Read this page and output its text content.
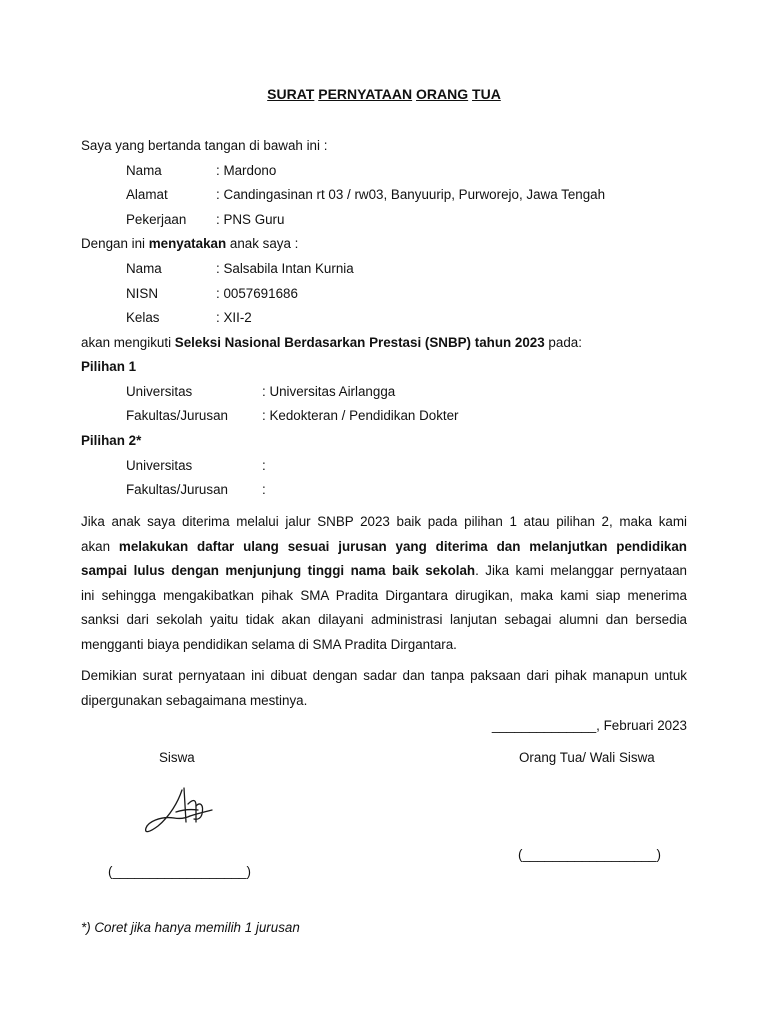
SURAT PERNYATAAN ORANG TUA
Saya yang bertanda tangan di bawah ini :
Nama	: Mardono
Alamat	: Candingasinan rt 03 / rw03, Banyuurip, Purworejo, Jawa Tengah
Pekerjaan : PNS Guru
Dengan ini menyatakan anak saya :
Nama	: Salsabila Intan Kurnia
NISN	: 0057691686
Kelas	: XII-2
akan mengikuti Seleksi Nasional Berdasarkan Prestasi (SNBP) tahun 2023 pada:
Pilihan 1
Universitas	: Universitas Airlangga
Fakultas/Jurusan	: Kedokteran / Pendidikan Dokter
Pilihan 2*
Universitas	:
Fakultas/Jurusan	:
Jika anak saya diterima melalui jalur SNBP 2023 baik pada pilihan 1 atau pilihan 2, maka kami
akan melakukan daftar ulang sesuai jurusan yang diterima dan melanjutkan pendidikan
sampai lulus dengan menjunjung tinggi nama baik sekolah. Jika kami melanggar pernyataan
ini sehingga mengakibatkan pihak SMA Pradita Dirgantara dirugikan, maka kami siap menerima
sanksi dari sekolah yaitu tidak akan dilayani administrasi lanjutan sebagai alumni dan bersedia
mengganti biaya pendidikan selama di SMA Pradita Dirgantara.
Demikian surat pernyataan ini dibuat dengan sadar dan tanpa paksaan dari pihak manapun untuk
dipergunakan sebagaimana mestinya.
______________, Februari 2023
Siswa	Orang Tua/ Wali Siswa
(__________________)
(__________________)
*) Coret jika hanya memilih 1 jurusan
